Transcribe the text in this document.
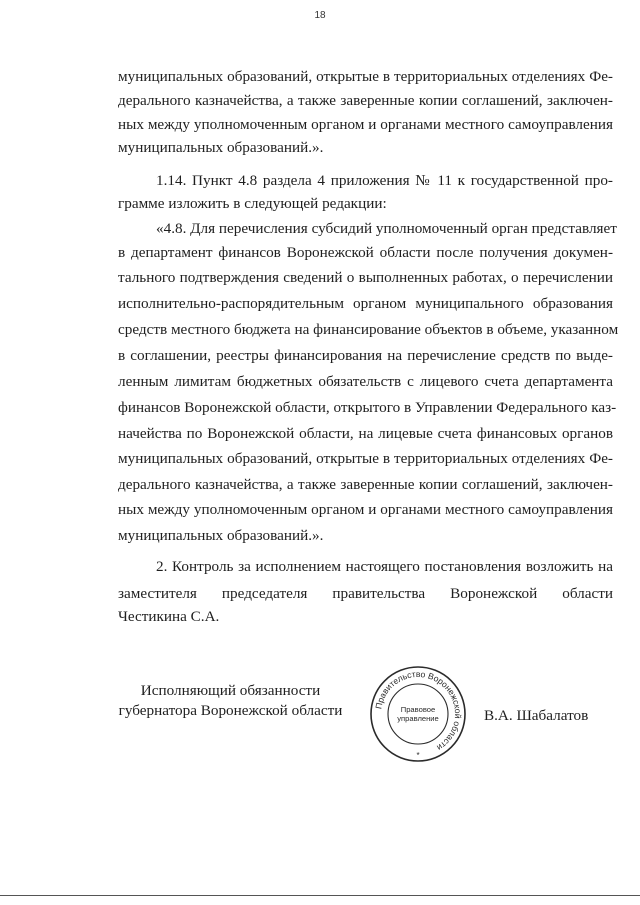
18
муниципальных образований, открытые в территориальных отделениях Фе-
дерального казначейства, а также заверенные копии соглашений, заключен-
ных между уполномоченным органом и органами местного самоуправления
муниципальных образований.».
1.14. Пункт 4.8 раздела 4 приложения № 11 к государственной про-
грамме изложить в следующей редакции:
«4.8. Для перечисления субсидий уполномоченный орган представляет
в департамент финансов Воронежской области после получения докумен-
тального подтверждения сведений о выполненных работах, о перечислении
исполнительно-распорядительным органом муниципального образования
средств местного бюджета на финансирование объектов в объеме, указанном
в соглашении, реестры финансирования на перечисление средств по выде-
ленным лимитам бюджетных обязательств с лицевого счета департамента
финансов Воронежской области, открытого в Управлении Федерального каз-
начейства по Воронежской области, на лицевые счета финансовых органов
муниципальных образований, открытые в территориальных отделениях Фе-
дерального казначейства, а также заверенные копии соглашений, заключен-
ных между уполномоченным органом и органами местного самоуправления
муниципальных образований.».
2. Контроль за исполнением настоящего постановления возложить на
заместителя председателя правительства Воронежской области
Честикина С.А.
Исполняющий обязанности
губернатора Воронежской области	Правительство Воронежской области
Правовое
управление
*
В.А. Шабалатов
